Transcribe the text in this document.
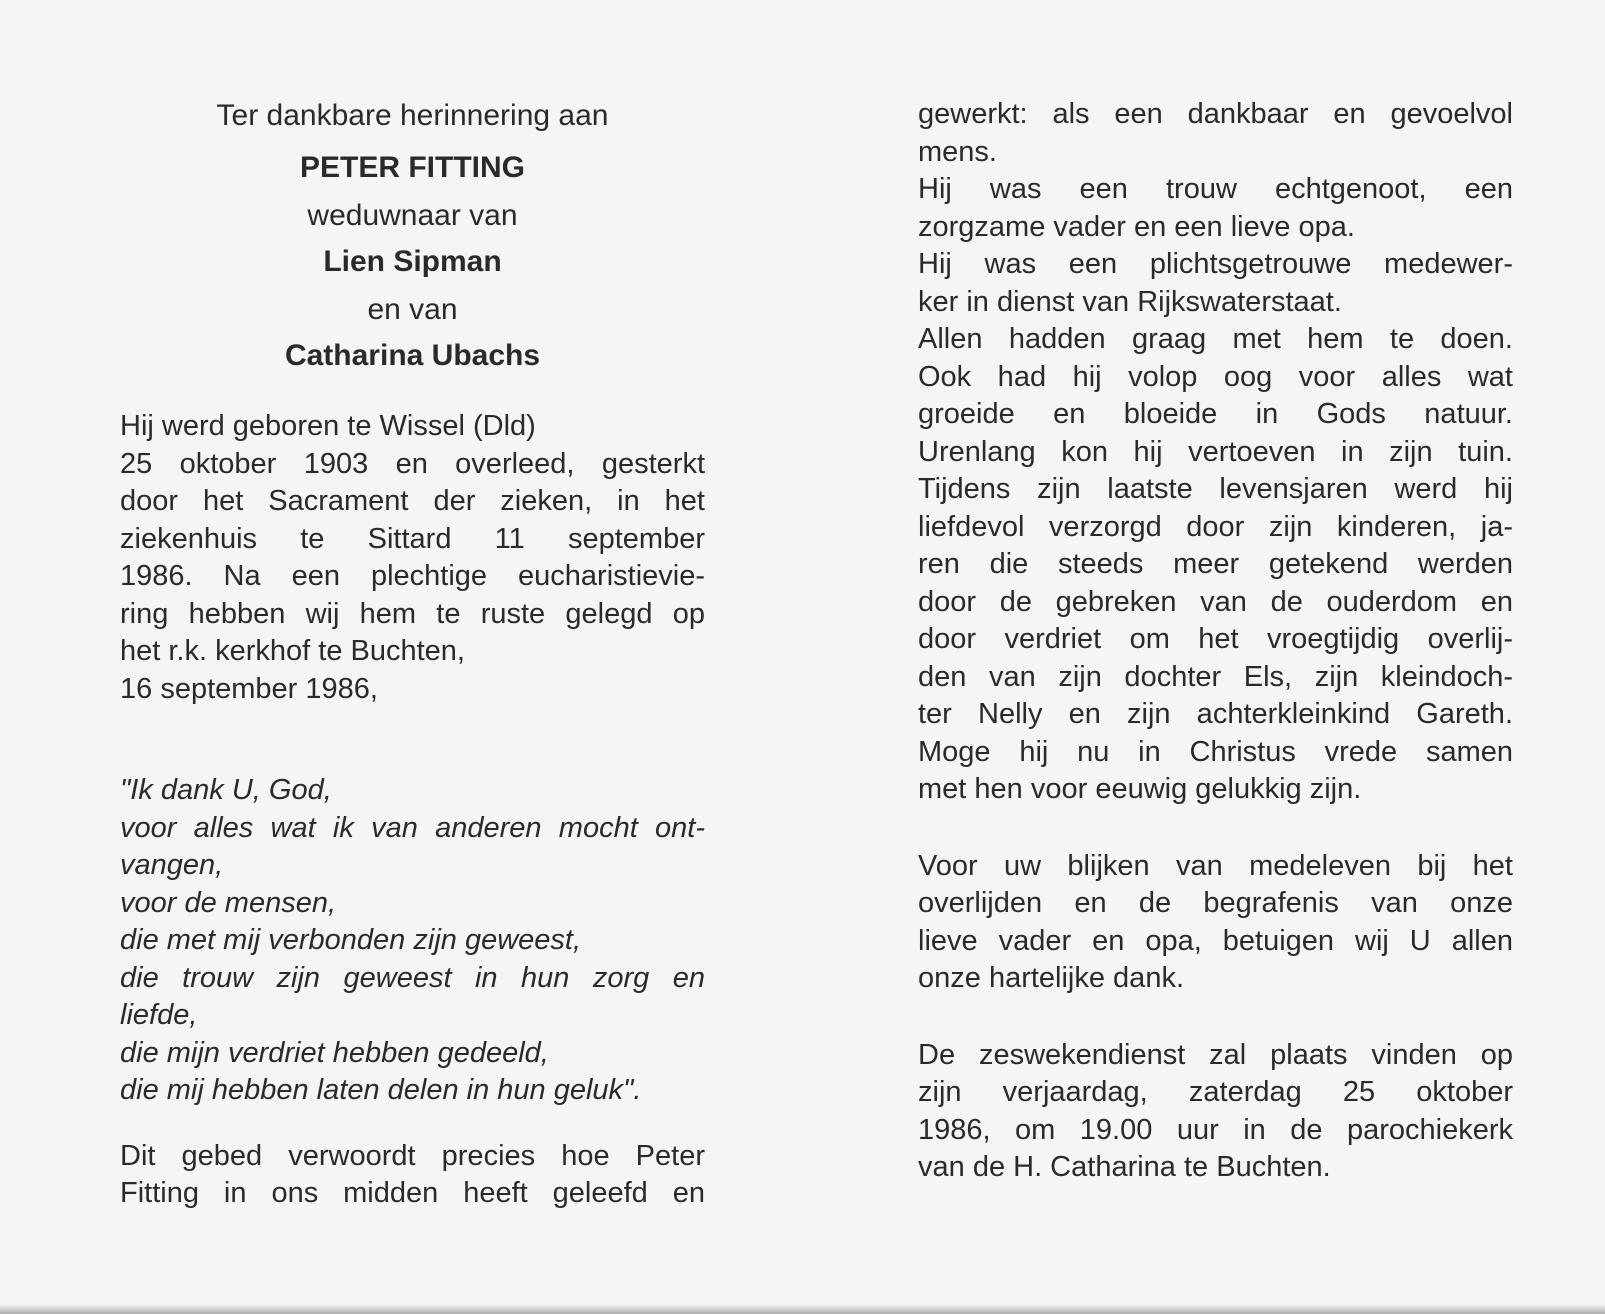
Ter dankbare herinnering aan
PETER FITTING
weduwnaar van
Lien Sipman
en van
Catharina Ubachs
Hij werd geboren te Wissel (Dld)
25 oktober 1903 en overleed, gesterkt
door het Sacrament der zieken, in het
ziekenhuis te Sittard 11 september
1986. Na een plechtige eucharistievie-
ring hebben wij hem te ruste gelegd op
het r.k. kerkhof te Buchten,
16 september 1986,
"Ik dank U, God,
voor alles wat ik van anderen mocht ont-
vangen,
voor de mensen,
die met mij verbonden zijn geweest,
die trouw zijn geweest in hun zorg en
liefde,
die mijn verdriet hebben gedeeld,
die mij hebben laten delen in hun geluk".
Dit gebed verwoordt precies hoe Peter
Fitting in ons midden heeft geleefd en
gewerkt: als een dankbaar en gevoelvol
mens.
Hij was een trouw echtgenoot, een
zorgzame vader en een lieve opa.
Hij was een plichtsgetrouwe medewer-
ker in dienst van Rijkswaterstaat.
Allen hadden graag met hem te doen.
Ook had hij volop oog voor alles wat
groeide en bloeide in Gods natuur.
Urenlang kon hij vertoeven in zijn tuin.
Tijdens zijn laatste levensjaren werd hij
liefdevol verzorgd door zijn kinderen, ja-
ren die steeds meer getekend werden
door de gebreken van de ouderdom en
door verdriet om het vroegtijdig overlij-
den van zijn dochter Els, zijn kleindoch-
ter Nelly en zijn achterkleinkind Gareth.
Moge hij nu in Christus vrede samen
met hen voor eeuwig gelukkig zijn.
Voor uw blijken van medeleven bij het
overlijden en de begrafenis van onze
lieve vader en opa, betuigen wij U allen
onze hartelijke dank.
De zeswekendienst zal plaats vinden op
zijn verjaardag, zaterdag 25 oktober
1986, om 19.00 uur in de parochiekerk
van de H. Catharina te Buchten.
